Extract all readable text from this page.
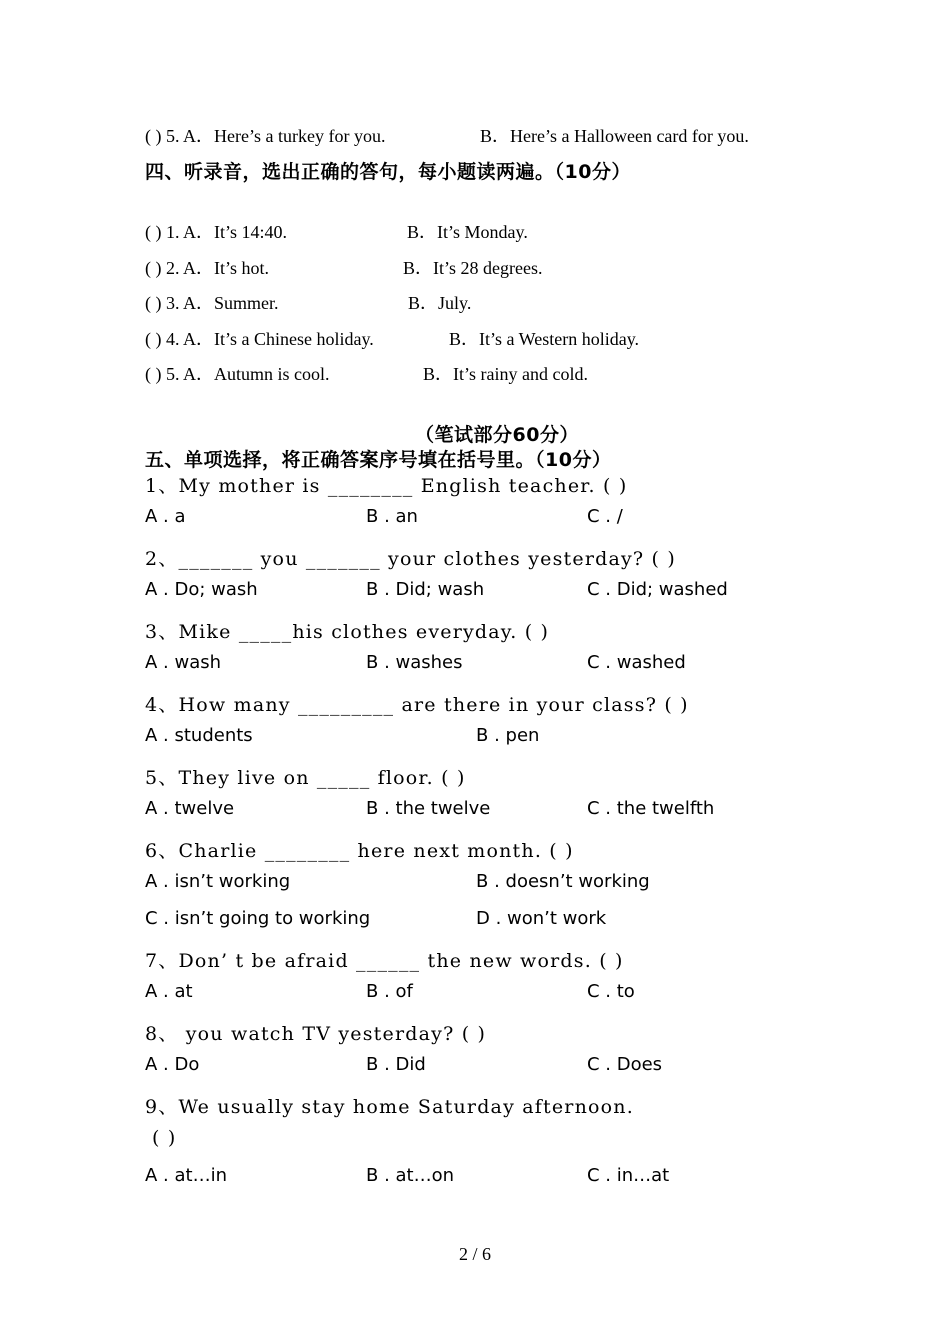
( ) 5. A．Here’s a turkey for you.	B．Here’s a Halloween card for you.
四、听录音，选出正确的答句，每小题读两遍。（10分）
( ) 1. A．It’s 14:40.	B．It’s Monday.
( ) 2. A．It’s hot.	B．It’s 28 degrees.
( ) 3. A．Summer.	B．July.
( ) 4. A．It’s a Chinese holiday.	B．It’s a Western holiday.
( ) 5. A．Autumn is cool.	B．It’s rainy and cold.
（笔试部分60分）
五、单项选择，将正确答案序号填在括号里。（10分）
1、My mother is ________ English teacher. ( )
A . a	B . an	C . /
2、_______ you _______ your clothes yesterday? ( )
A . Do; wash	B . Did; wash	C . Did; washed
3、Mike _____his clothes everyday. ( )
A . wash	B . washes	C . washed
4、How many _________ are there in your class? ( )
A . students	B . pen
5、They live on _____ floor. ( )
A . twelve	B . the twelve	C . the twelfth
6、Charlie ________ here next month. ( )
A . isn’t working	B . doesn’t working
C . isn’t going to working	D . won’t work
7、Don’ t be afraid ______ the new words. ( )
A . at	B . of	C . to
8、 you watch TV yesterday? ( )
A . Do	B . Did	C . Does
9、We usually stay home Saturday afternoon.
( )
A . at…in	B . at…on	C . in…at
2 / 6
